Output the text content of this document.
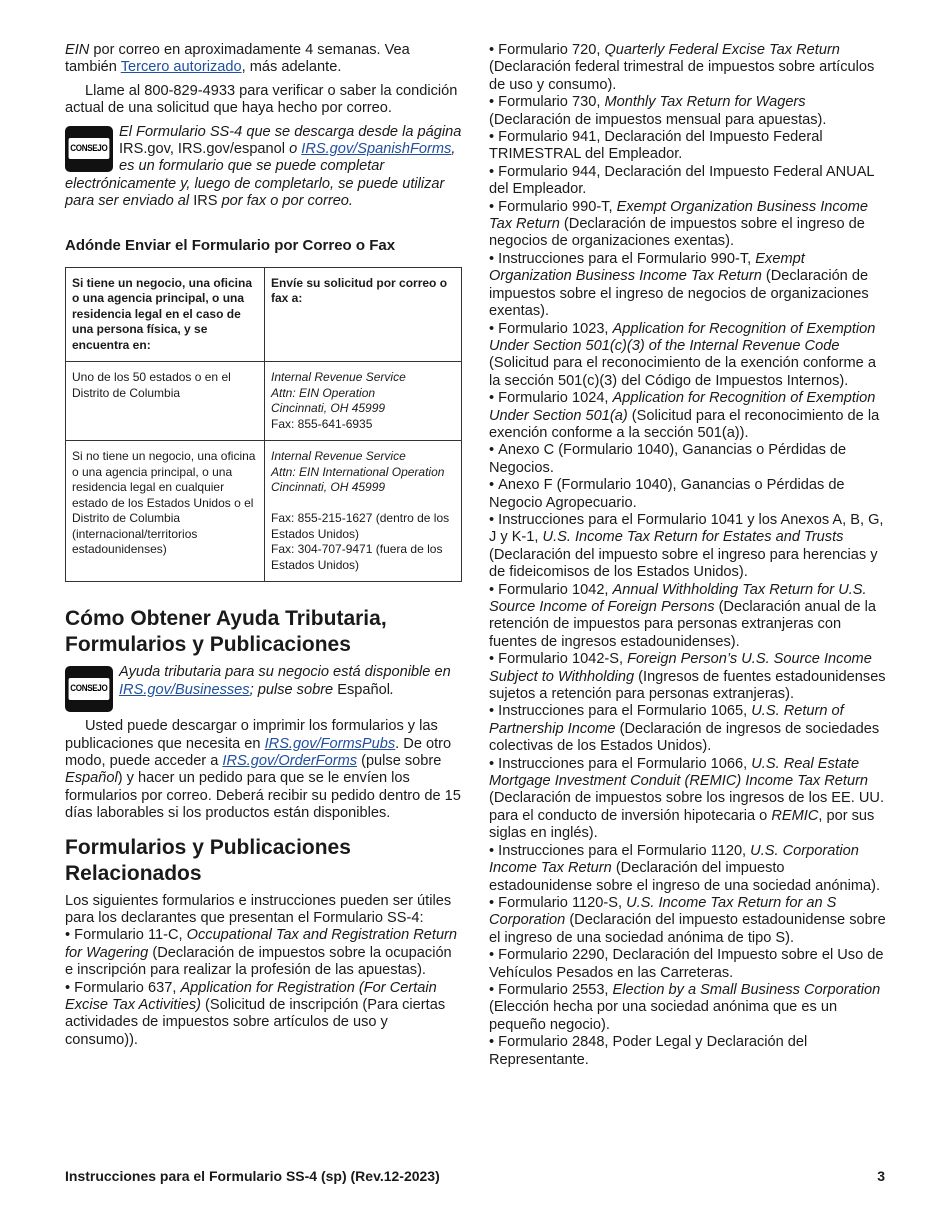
EIN por correo en aproximadamente 4 semanas. Vea también Tercero autorizado, más adelante.

Llame al 800-829-4933 para verificar o saber la condición actual de una solicitud que haya hecho por correo.

CONSEJO

El Formulario SS-4 que se descarga desde la página IRS.gov, IRS.gov/espanol o IRS.gov/SpanishForms, es un formulario que se puede completar electrónicamente y, luego de completarlo, se puede utilizar para ser enviado al IRS por fax o por correo.

Adónde Enviar el Formulario por Correo o Fax
Si tiene un negocio, una oficina o una agencia principal, o una residencia legal en el caso de una persona física, y se encuentra en:	Envíe su solicitud por correo o fax a:
Uno de los 50 estados o en el Distrito de Columbia	Internal Revenue Service
Attn: EIN Operation
Cincinnati, OH 45999
Fax: 855-641-6935

Si no tiene un negocio, una oficina o una agencia principal, o una residencia legal en cualquier estado de los Estados Unidos o el Distrito de Columbia (internacional/territorios estadounidenses)	Internal Revenue Service
Attn: EIN International Operation
Cincinnati, OH 45999
Fax: 855-215-1627 (dentro de los Estados Unidos)
Fax: 304-707-9471 (fuera de los Estados Unidos)
Cómo Obtener Ayuda Tributaria, Formularios y Publicaciones
CONSEJO

Ayuda tributaria para su negocio está disponible en IRS.gov/Businesses; pulse sobre Español.

Usted puede descargar o imprimir los formularios y las publicaciones que necesita en IRS.gov/FormsPubs. De otro modo, puede acceder a IRS.gov/OrderForms (pulse sobre Español) y hacer un pedido para que se le envíen los formularios por correo. Deberá recibir su pedido dentro de 15 días laborables si los productos están disponibles.

Formularios y Publicaciones Relacionados

Los siguientes formularios e instrucciones pueden ser útiles para los declarantes que presentan el Formulario SS-4:

• Formulario 11-C, Occupational Tax and Registration Return for Wagering (Declaración de impuestos sobre la ocupación e inscripción para realizar la profesión de las apuestas).

• Formulario 637, Application for Registration (For Certain Excise Tax Activities) (Solicitud de inscripción (Para ciertas actividades de impuestos sobre artículos de uso y consumo)).

• Formulario 720, Quarterly Federal Excise Tax Return (Declaración federal trimestral de impuestos sobre artículos de uso y consumo).

• Formulario 730, Monthly Tax Return for Wagers (Declaración de impuestos mensual para apuestas).

• Formulario 941, Declaración del Impuesto Federal TRIMESTRAL del Empleador.

• Formulario 944, Declaración del Impuesto Federal ANUAL del Empleador.

• Formulario 990-T, Exempt Organization Business Income Tax Return (Declaración de impuestos sobre el ingreso de negocios de organizaciones exentas).

• Instrucciones para el Formulario 990-T, Exempt Organization Business Income Tax Return (Declaración de impuestos sobre el ingreso de negocios de organizaciones exentas).

• Formulario 1023, Application for Recognition of Exemption Under Section 501(c)(3) of the Internal Revenue Code (Solicitud para el reconocimiento de la exención conforme a la sección 501(c)(3) del Código de Impuestos Internos).

• Formulario 1024, Application for Recognition of Exemption Under Section 501(a) (Solicitud para el reconocimiento de la exención conforme a la sección 501(a)).

• Anexo C (Formulario 1040), Ganancias o Pérdidas de Negocios.

• Anexo F (Formulario 1040), Ganancias o Pérdidas de Negocio Agropecuario.

• Instrucciones para el Formulario 1041 y los Anexos A, B, G, J y K-1, U.S. Income Tax Return for Estates and Trusts (Declaración del impuesto sobre el ingreso para herencias y de fideicomisos de los Estados Unidos).

• Formulario 1042, Annual Withholding Tax Return for U.S. Source Income of Foreign Persons (Declaración anual de la retención de impuestos para personas extranjeras con fuentes de ingresos estadounidenses).

• Formulario 1042-S, Foreign Person’s U.S. Source Income Subject to Withholding (Ingresos de fuentes estadounidenses sujetos a retención para personas extranjeras).

• Instrucciones para el Formulario 1065, U.S. Return of Partnership Income (Declaración de ingresos de sociedades colectivas de los Estados Unidos).

• Instrucciones para el Formulario 1066, U.S. Real Estate Mortgage Investment Conduit (REMIC) Income Tax Return (Declaración de impuestos sobre los ingresos de los EE. UU. para el conducto de inversión hipotecaria o REMIC, por sus siglas en inglés).

• Instrucciones para el Formulario 1120, U.S. Corporation Income Tax Return (Declaración del impuesto estadounidense sobre el ingreso de una sociedad anónima).

• Formulario 1120-S, U.S. Income Tax Return for an S Corporation (Declaración del impuesto estadounidense sobre el ingreso de una sociedad anónima de tipo S).

• Formulario 2290, Declaración del Impuesto sobre el Uso de Vehículos Pesados en las Carreteras.

• Formulario 2553, Election by a Small Business Corporation (Elección hecha por una sociedad anónima que es un pequeño negocio).

• Formulario 2848, Poder Legal y Declaración del Representante.

Instrucciones para el Formulario SS-4 (sp) (Rev.12-2023)	3
